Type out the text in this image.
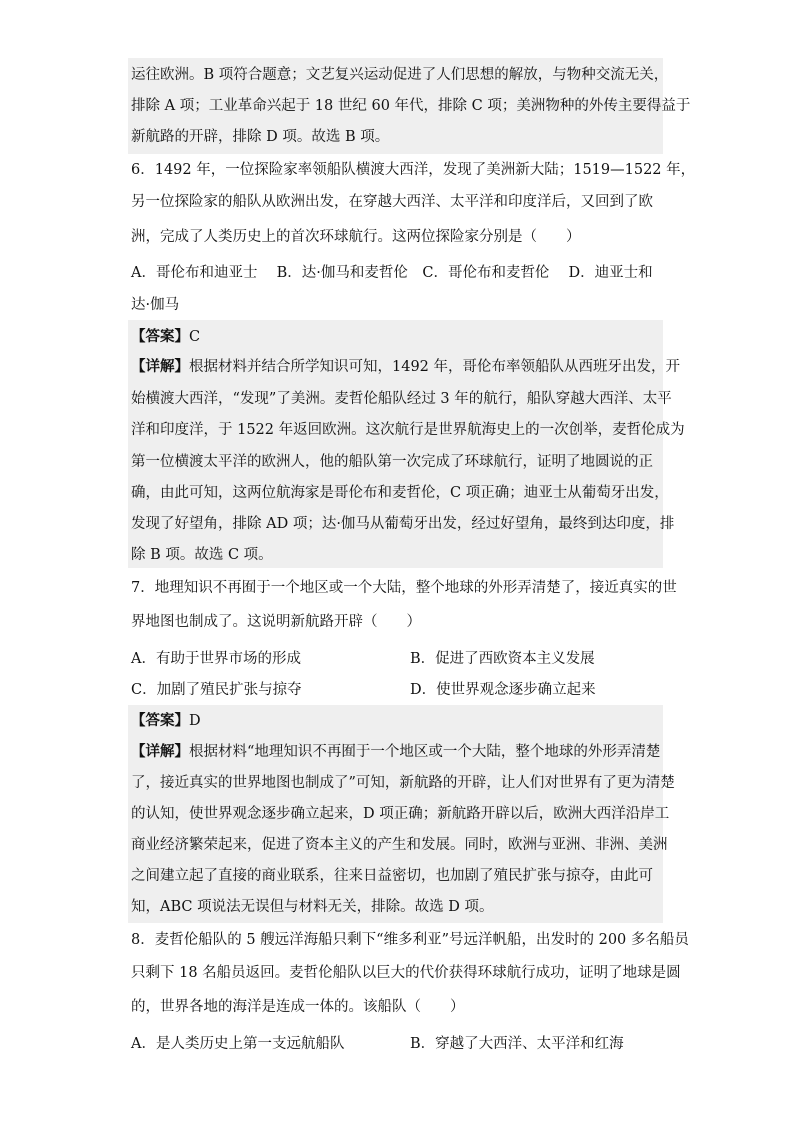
运往欧洲。B 项符合题意；文艺复兴运动促进了人们思想的解放，与物种交流无关，
排除 A 项；工业革命兴起于 18 世纪 60 年代，排除 C 项；美洲物种的外传主要得益于
新航路的开辟，排除 D 项。故选 B 项。
6．1492 年，一位探险家率领船队横渡大西洋，发现了美洲新大陆；1519—1522 年，
另一位探险家的船队从欧洲出发，在穿越大西洋、太平洋和印度洋后，又回到了欧
洲，完成了人类历史上的首次环球航行。这两位探险家分别是（　　）
A．哥伦布和迪亚士　 B．达·伽马和麦哲伦　C．哥伦布和麦哲伦　 D．迪亚士和
达·伽马
【答案】C
【详解】根据材料并结合所学知识可知，1492 年，哥伦布率领船队从西班牙出发，开
始横渡大西洋，“发现”了美洲。麦哲伦船队经过 3 年的航行，船队穿越大西洋、太平
洋和印度洋，于 1522 年返回欧洲。这次航行是世界航海史上的一次创举，麦哲伦成为
第一位横渡太平洋的欧洲人，他的船队第一次完成了环球航行，证明了地圆说的正
确，由此可知，这两位航海家是哥伦布和麦哲伦，C 项正确；迪亚士从葡萄牙出发，
发现了好望角，排除 AD 项；达·伽马从葡萄牙出发，经过好望角，最终到达印度，排
除 B 项。故选 C 项。
7．地理知识不再囿于一个地区或一个大陆，整个地球的外形弄清楚了，接近真实的世
界地图也制成了。这说明新航路开辟（　　）
A．有助于世界市场的形成	B．促进了西欧资本主义发展
C．加剧了殖民扩张与掠夺	D．使世界观念逐步确立起来
【答案】D
【详解】根据材料“地理知识不再囿于一个地区或一个大陆，整个地球的外形弄清楚
了，接近真实的世界地图也制成了”可知，新航路的开辟，让人们对世界有了更为清楚
的认知，使世界观念逐步确立起来，D 项正确；新航路开辟以后，欧洲大西洋沿岸工
商业经济繁荣起来，促进了资本主义的产生和发展。同时，欧洲与亚洲、非洲、美洲
之间建立起了直接的商业联系，往来日益密切，也加剧了殖民扩张与掠夺，由此可
知，ABC 项说法无误但与材料无关，排除。故选 D 项。
8．麦哲伦船队的 5 艘远洋海船只剩下“维多利亚”号远洋帆船，出发时的 200 多名船员
只剩下 18 名船员返回。麦哲伦船队以巨大的代价获得环球航行成功，证明了地球是圆
的，世界各地的海洋是连成一体的。该船队（　　）
A．是人类历史上第一支远航船队	B．穿越了大西洋、太平洋和红海
